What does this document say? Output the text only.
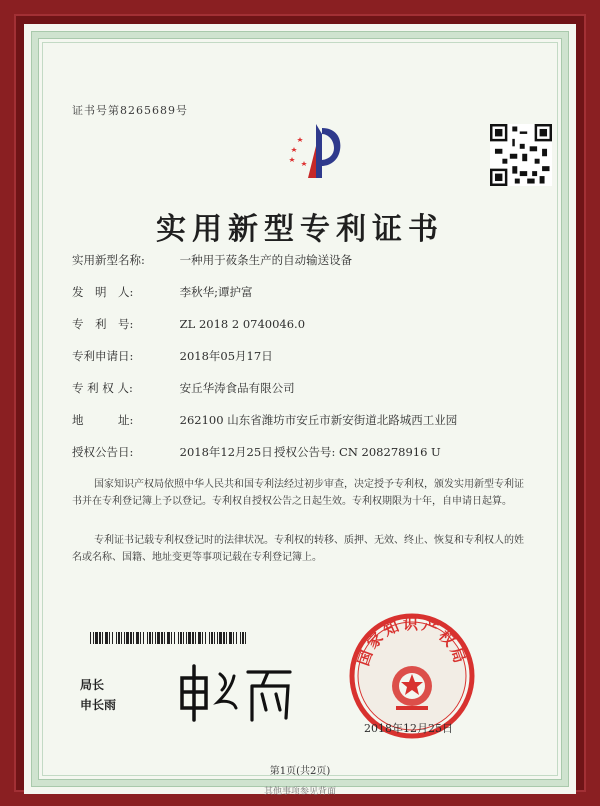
证书号第8265689号
实用新型专利证书
实用新型名称:	一种用于莜条生产的自动输送设备
发　明　人:	李秋华;谭护富
专　利　号:	ZL 2018 2 0740046.0
专利申请日:	2018年05月17日
专 利 权 人:	安丘华涛食品有限公司
地　　　址:	262100 山东省潍坊市安丘市新安街道北路城西工业园
授权公告日:	2018年12月25日 授权公告号: CN 208278916 U
国家知识产权局依照中华人民共和国专利法经过初步审查，决定授予专利权，颁发实用新型专利证书并在专利登记簿上予以登记。专利权自授权公告之日起生效。专利权期限为十年，自申请日起算。
专利证书记载专利权登记时的法律状况。专利权的转移、质押、无效、终止、恢复和专利权人的姓名或名称、国籍、地址变更等事项记载在专利登记簿上。
局长
申长雨
国家知识产权局
2018年12月25日
第1页(共2页)
其他事项参见背面
